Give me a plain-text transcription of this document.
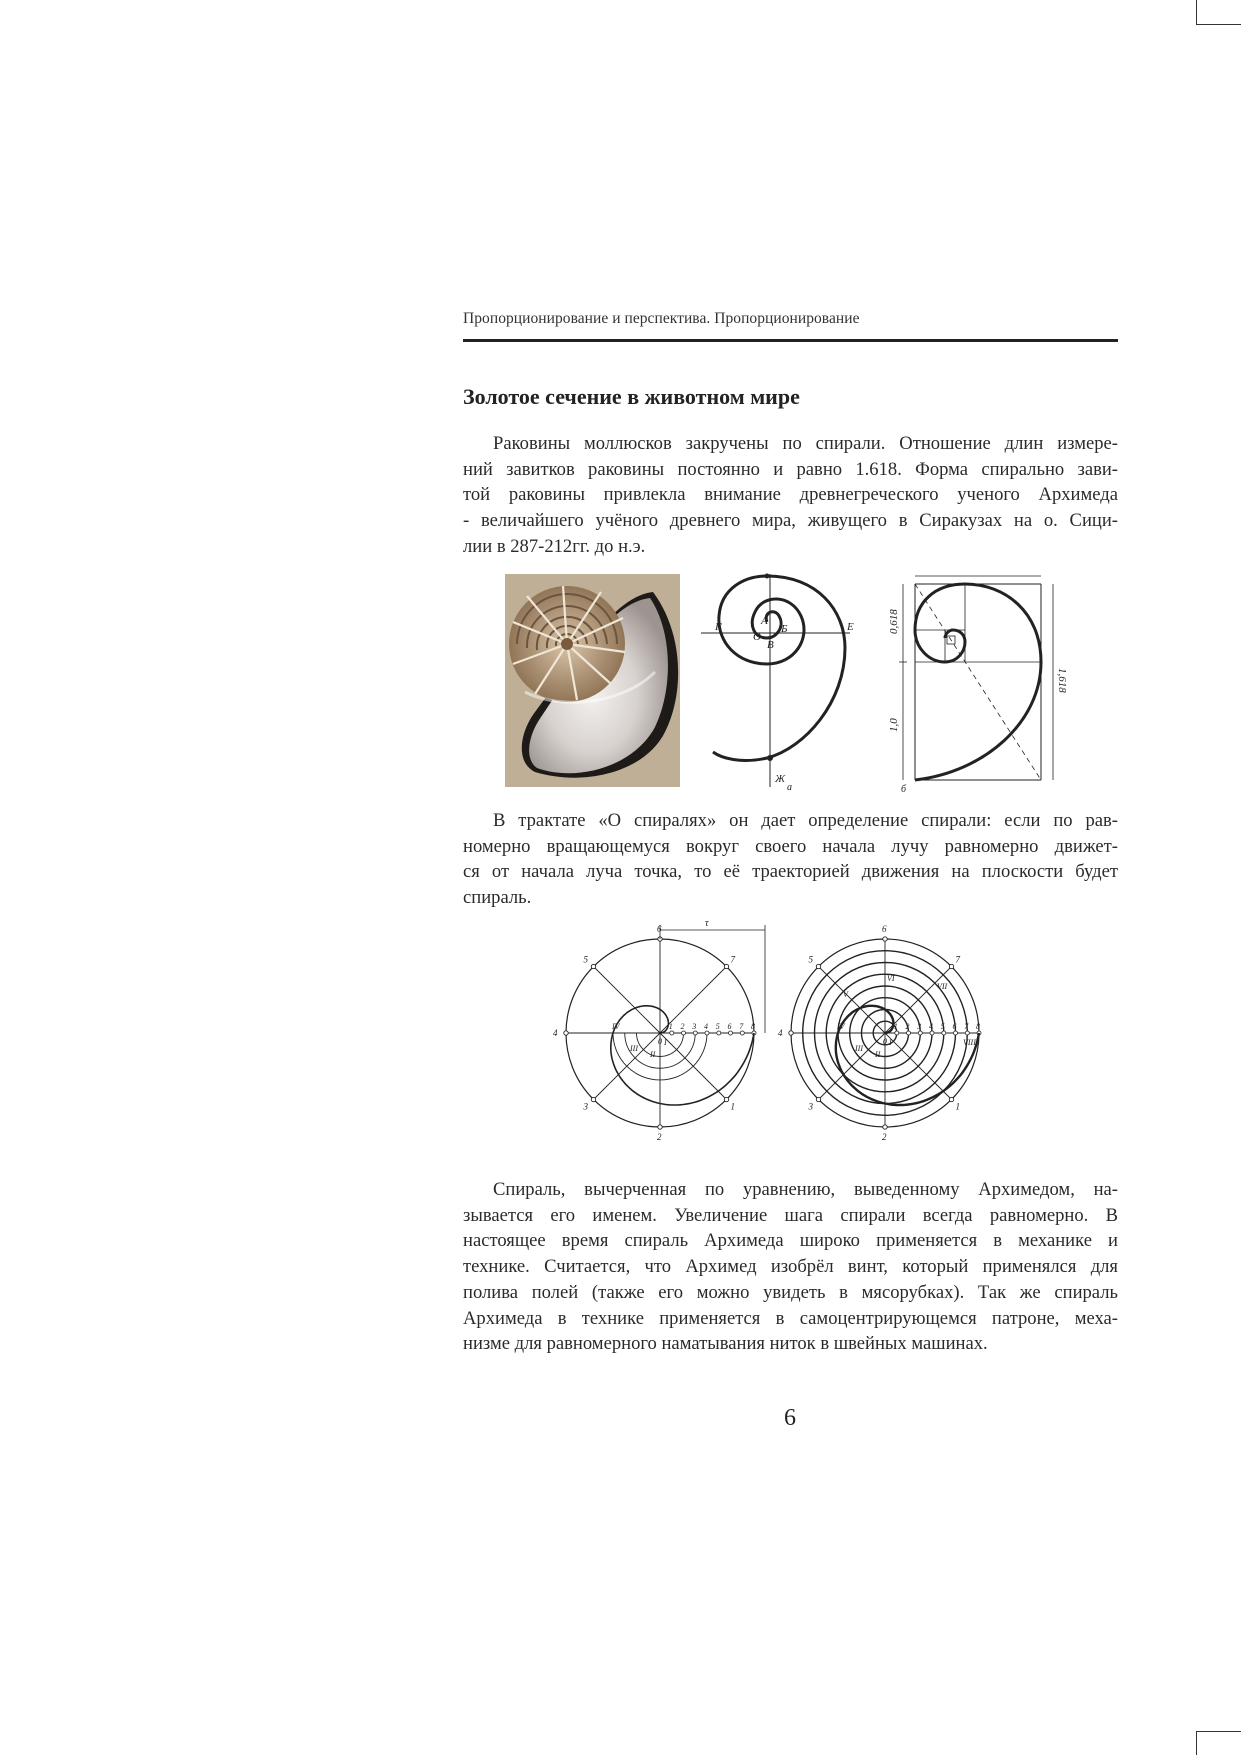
Пропорционирование и перспектива. Пропорционирование
Золотое сечение в животном мире
Раковины моллюсков закручены по спирали. Отношение длин измере-
ний завитков раковины постоянно и равно 1.618. Форма спирально зави-
той раковины привлекла внимание древнегреческого ученого Архимеда
- величайшего учёного древнего мира, живущего в Сиракузах на о. Сици-
лии в 287-212гг. до н.э.
А
Б
В
Г
О
Е
Ж
а
0,618
1,0
1,618
б
В трактате «О спиралях» он дает определение спирали: если по рав-
номерно вращающемуся вокруг своего начала лучу равномерно движет-
ся от начала луча точка, то её траекторией движения на плоскости будет
спираль.
1 2 3 4 5 6 7 8
1
2
3
4
5
6
7
0
IV
III
II
I
τ
1 2 3 4 5 6 7 8
1
2
3
4
5
6
7
0
IV
III
II
I
V
VI
VII
VIII
Спираль, вычерченная по уравнению, выведенному Архимедом, на-
зывается его именем. Увеличение шага спирали всегда равномерно. В
настоящее время спираль Архимеда широко применяется в механике и
технике. Считается, что Архимед изобрёл винт, который применялся для
полива полей (также его можно увидеть в мясорубках). Так же спираль
Архимеда в технике применяется в самоцентрирующемся патроне, меха-
низме для равномерного наматывания ниток в швейных машинах.
6
